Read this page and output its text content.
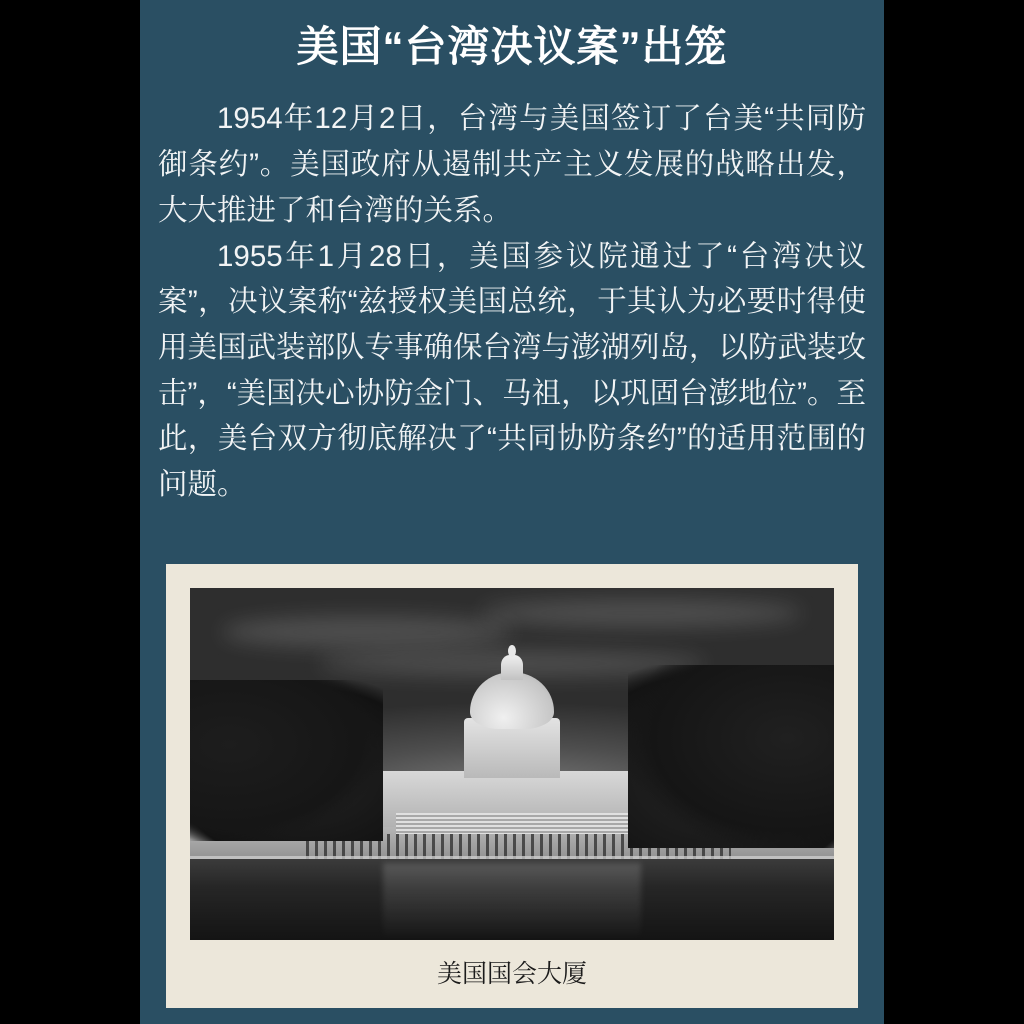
美国“台湾决议案”出笼

1954年12月2日，台湾与美国签订了台美“共同防御条约”。美国政府从遏制共产主义发展的战略出发，大大推进了和台湾的关系。

1955年1月28日，美国参议院通过了“台湾决议案”，决议案称“兹授权美国总统，于其认为必要时得使用美国武装部队专事确保台湾与澎湖列岛，以防武装攻击”，“美国决心协防金门、马祖，以巩固台澎地位”。至此，美台双方彻底解决了“共同协防条约”的适用范围的问题。

美国国会大厦
